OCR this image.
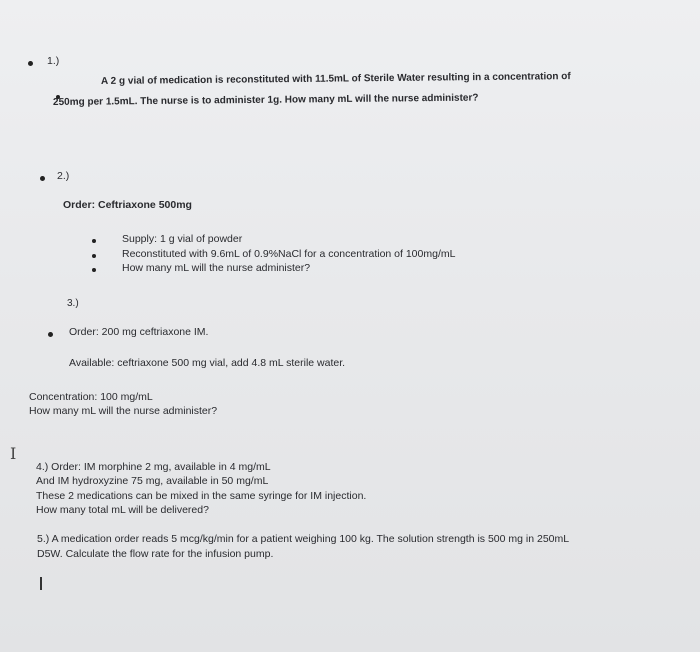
1.)
A 2 g vial of medication is reconstituted with 11.5mL of Sterile Water resulting in a concentration of
250mg per 1.5mL. The nurse is to administer 1g. How many mL will the nurse administer?
2.)
Order: Ceftriaxone 500mg
Supply: 1 g vial of powder
Reconstituted with 9.6mL of 0.9%NaCl for a concentration of 100mg/mL
How many mL will the nurse administer?
3.)
Order: 200 mg ceftriaxone IM.
Available: ceftriaxone 500 mg vial, add 4.8 mL sterile water.
Concentration: 100 mg/mL
How many mL will the nurse administer?
I
4.) Order: IM morphine 2 mg, available in 4 mg/mL
And IM hydroxyzine 75 mg, available in 50 mg/mL
These 2 medications can be mixed in the same syringe for IM injection.
How many total mL will be delivered?
5.) A medication order reads 5 mcg/kg/min for a patient weighing 100 kg. The solution strength is 500 mg in 250mL
D5W. Calculate the flow rate for the infusion pump.
